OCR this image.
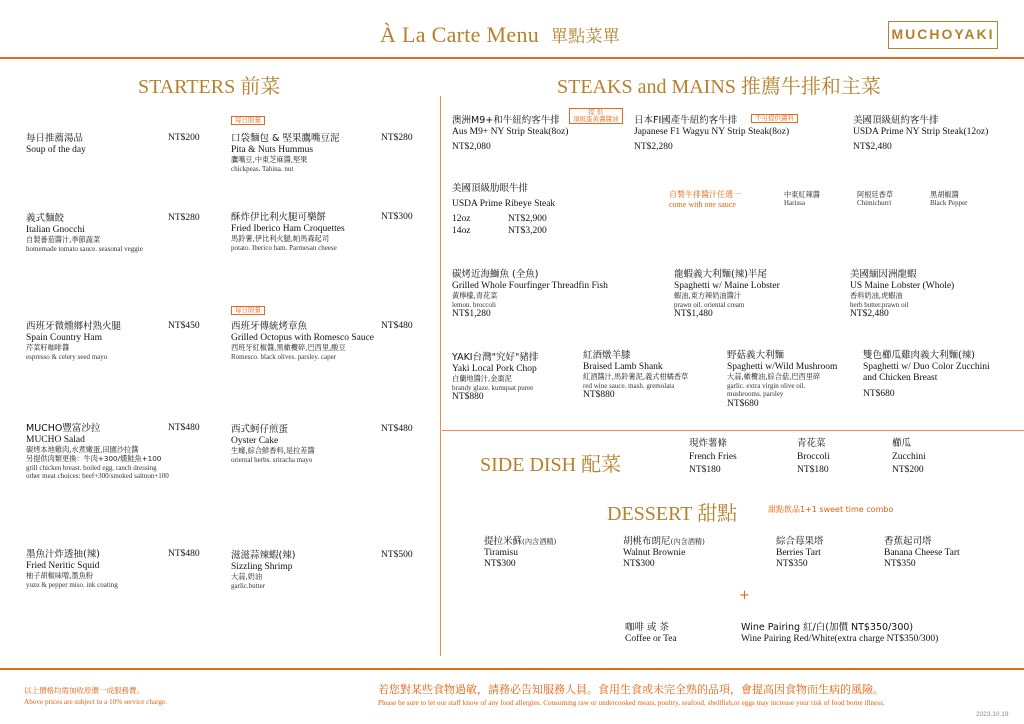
À La Carte Menu 單點菜單	MUCHOYAKI
STARTERS 前菜
每日推薦湯品
Soup of the day
NT$200
義式麵餃
Italian Gnocchi
自製番茄醬汁,季節蔬菜
homemade tomato sauce. seasonal veggie
NT$280
西班牙微燻鄉村熟火腿
Spain Country Ham
芹菜籽咖啡醬
espresso & celery seed mayo
NT$450
MUCHO豐富沙拉
MUCHO Salad
碳烤本地雞肉,水煮嫩蛋,田園沙拉醬
另提供肉類更換：牛肉+300/燻鮭魚+100
grill chicken breast. boiled egg. ranch dressing
other meat choices: beef+300/smoked salmon+100
NT$480
墨魚汁炸透抽(辣)
Fried Neritic Squid
柚子胡椒味噌,墨魚粉
yuzu & pepper miso. ink coating
NT$480
每日限量
口袋麵包 & 堅果鷹嘴豆泥
Pita & Nuts Hummus
鷹嘴豆,中東芝麻醬,堅果
chickpeas. Tahina. nut
NT$280
酥炸伊比利火腿可樂餅
Fried Iberico Ham Croquettes
馬鈴薯,伊比利火腿,帕馬森起司
potato. Iberico ham. Parmesan cheese
NT$300
每日限量
西班牙傳統烤章魚
Grilled Octopus with Romesco Sauce
西班牙紅椒醬,黑橄欖碎,巴西里,酸豆
Romesco. black olives. parsley. caper
NT$480
西式蚵仔煎蛋
Oyster Cake
生蠔,綜合鮮香料,是拉差醬
oriental herbs. sriracha mayo
NT$480
滋滋蒜辣蝦(辣)
Sizzling Shrimp
大蒜,奶油
garlic.butter
NT$500
STEAKS and MAINS 推薦牛排和主菜
澳洲M9+和牛紐約客牛排
Aus M9+ NY Strip Steak(8oz)
NT$2,080
提 供
頂級蛋黃醬醬油 日本FI國產牛紐約客牛排
Japanese F1 Wagyu NY Strip Steak(8oz)
NT$2,280
不另提供醬料	美國頂級紐約客牛排
USDA Prime NY Strip Steak(12oz)
NT$2,480
美國頂級肋眼牛排
USDA Prime Ribeye Steak
12oz	NT$2,900
14oz	NT$3,200
自製牛排醬汁任選一
come with one sauce
中東紅辣醬
Harissa
阿根廷香草
Chimichurri
黑胡椒醬
Black Pepper
碳烤近海鰤魚 (全魚)
Grilled Whole Fourfinger Threadfin Fish
黃檸檬,青花菜
lemon. broccoli
NT$1,280
龍蝦義大利麵(辣)半尾
Spaghetti w/ Maine Lobster
蝦油,東方辣奶油醬汁
prawn oil. oriental cream
NT$1,480
美國緬因洲龍蝦
US Maine Lobster (Whole)
香料奶油,虎蝦油
herb butter.prawn oil
NT$2,480
YAKI台灣"究好"豬排
Yaki Local Pork Chop
白蘭地醬汁,金棗泥
brandy glaze. kumquat puree
NT$880
紅酒燉羊膝
Braised Lamb Shank
紅酒醬汁,馬鈴薯泥,義式柑橘香草
red wine sauce. mash. gremolata
NT$880
野菇義大利麵
Spaghetti w/Wild Mushroom
大蒜,橄欖油,綜合菇,巴西里碎
garlic. extra virgin olive oil.
mushrooms. parsley
NT$680
雙色櫛瓜雞肉義大利麵(辣)
Spaghetti w/ Duo Color Zucchini
and Chicken Breast
NT$680
SIDE DISH 配菜
現炸薯條
French Fries
NT$180
青花菜
Broccoli
NT$180
櫛瓜
Zucchini
NT$200
DESSERT 甜點	甜點飲品1+1 sweet time combo
提拉米蘇(內含酒精)
Tiramisu
NT$300
胡桃布朗尼(內含酒精)
Walnut Brownie
NT$300
綜合莓果塔
Berries Tart
NT$350
香蕉起司塔
Banana Cheese Tart
NT$350
+
咖啡 或 茶
Coffee or Tea
Wine Pairing 紅/白(加價 NT$350/300)
Wine Pairing Red/White(extra charge NT$350/300)
以上價格均需加收原價一成服務費。
Above prices are subject to a 10% service charge.
若您對某些食物過敏，請務必告知服務人員。食用生食或未完全熟的品項，會提高因食物而生病的風險。
Please be sure to let our staff know of any food allergies. Consuming raw or undercooked meats, poultry, seafood, shellfish,or eggs may increase your risk of food borne illness.
2023.10.19
